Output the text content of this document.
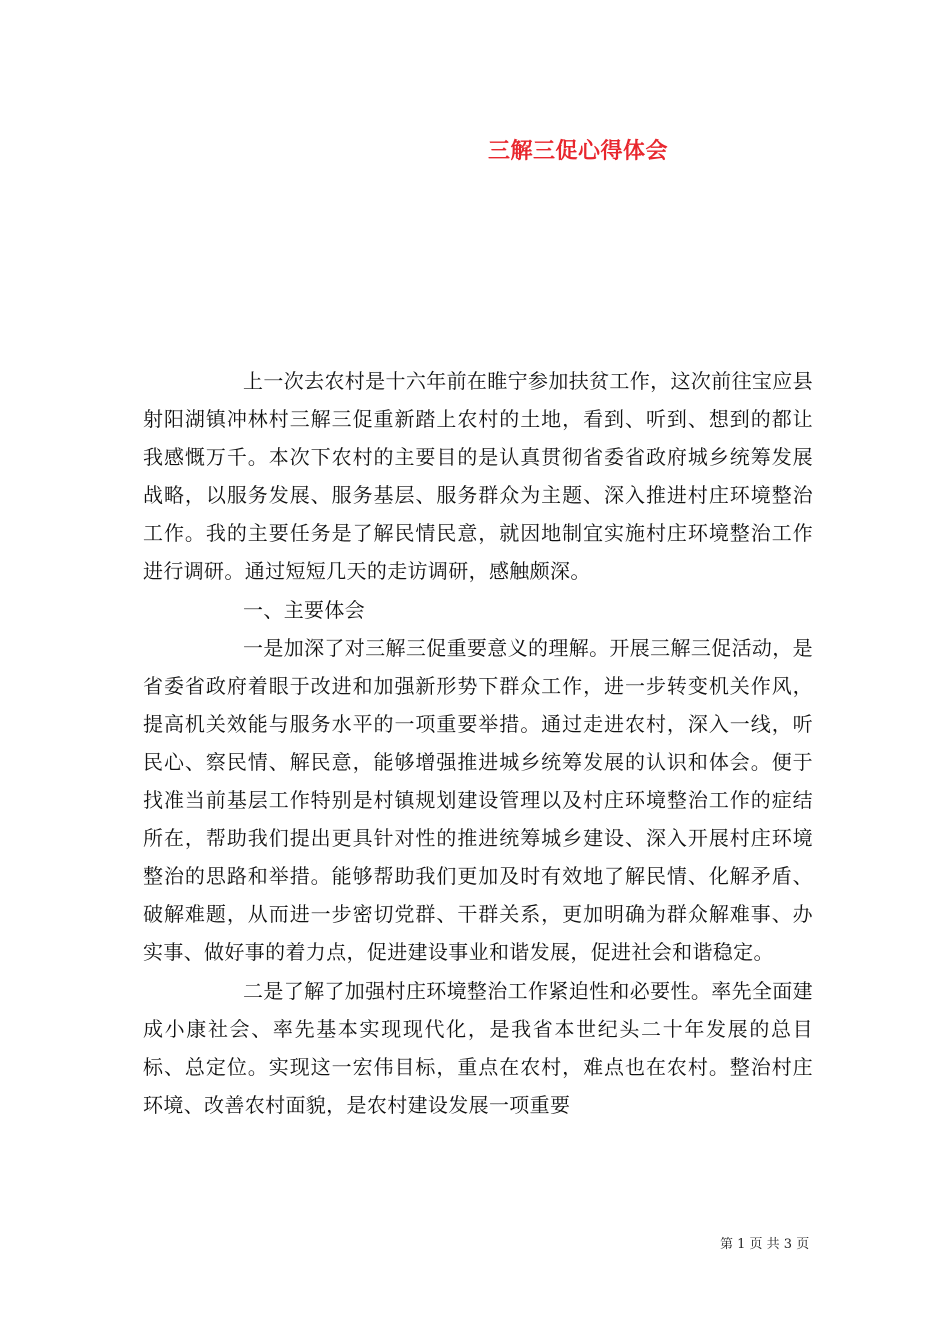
三解三促心得体会

上一次去农村是十六年前在睢宁参加扶贫工作，这次前往宝应县射阳湖镇冲林村三解三促重新踏上农村的土地，看到、听到、想到的都让我感慨万千。本次下农村的主要目的是认真贯彻省委省政府城乡统筹发展战略，以服务发展、服务基层、服务群众为主题、深入推进村庄环境整治工作。我的主要任务是了解民情民意，就因地制宜实施村庄环境整治工作进行调研。通过短短几天的走访调研，感触颇深。

一、主要体会

一是加深了对三解三促重要意义的理解。开展三解三促活动，是省委省政府着眼于改进和加强新形势下群众工作，进一步转变机关作风，提高机关效能与服务水平的一项重要举措。通过走进农村，深入一线，听民心、察民情、解民意，能够增强推进城乡统筹发展的认识和体会。便于找准当前基层工作特别是村镇规划建设管理以及村庄环境整治工作的症结所在，帮助我们提出更具针对性的推进统筹城乡建设、深入开展村庄环境整治的思路和举措。能够帮助我们更加及时有效地了解民情、化解矛盾、破解难题，从而进一步密切党群、干群关系，更加明确为群众解难事、办实事、做好事的着力点，促进建设事业和谐发展，促进社会和谐稳定。

二是了解了加强村庄环境整治工作紧迫性和必要性。率先全面建成小康社会、率先基本实现现代化，是我省本世纪头二十年发展的总目标、总定位。实现这一宏伟目标，重点在农村，难点也在农村。整治村庄环境、改善农村面貌，是农村建设发展一项重要

第 1 页 共 3 页
